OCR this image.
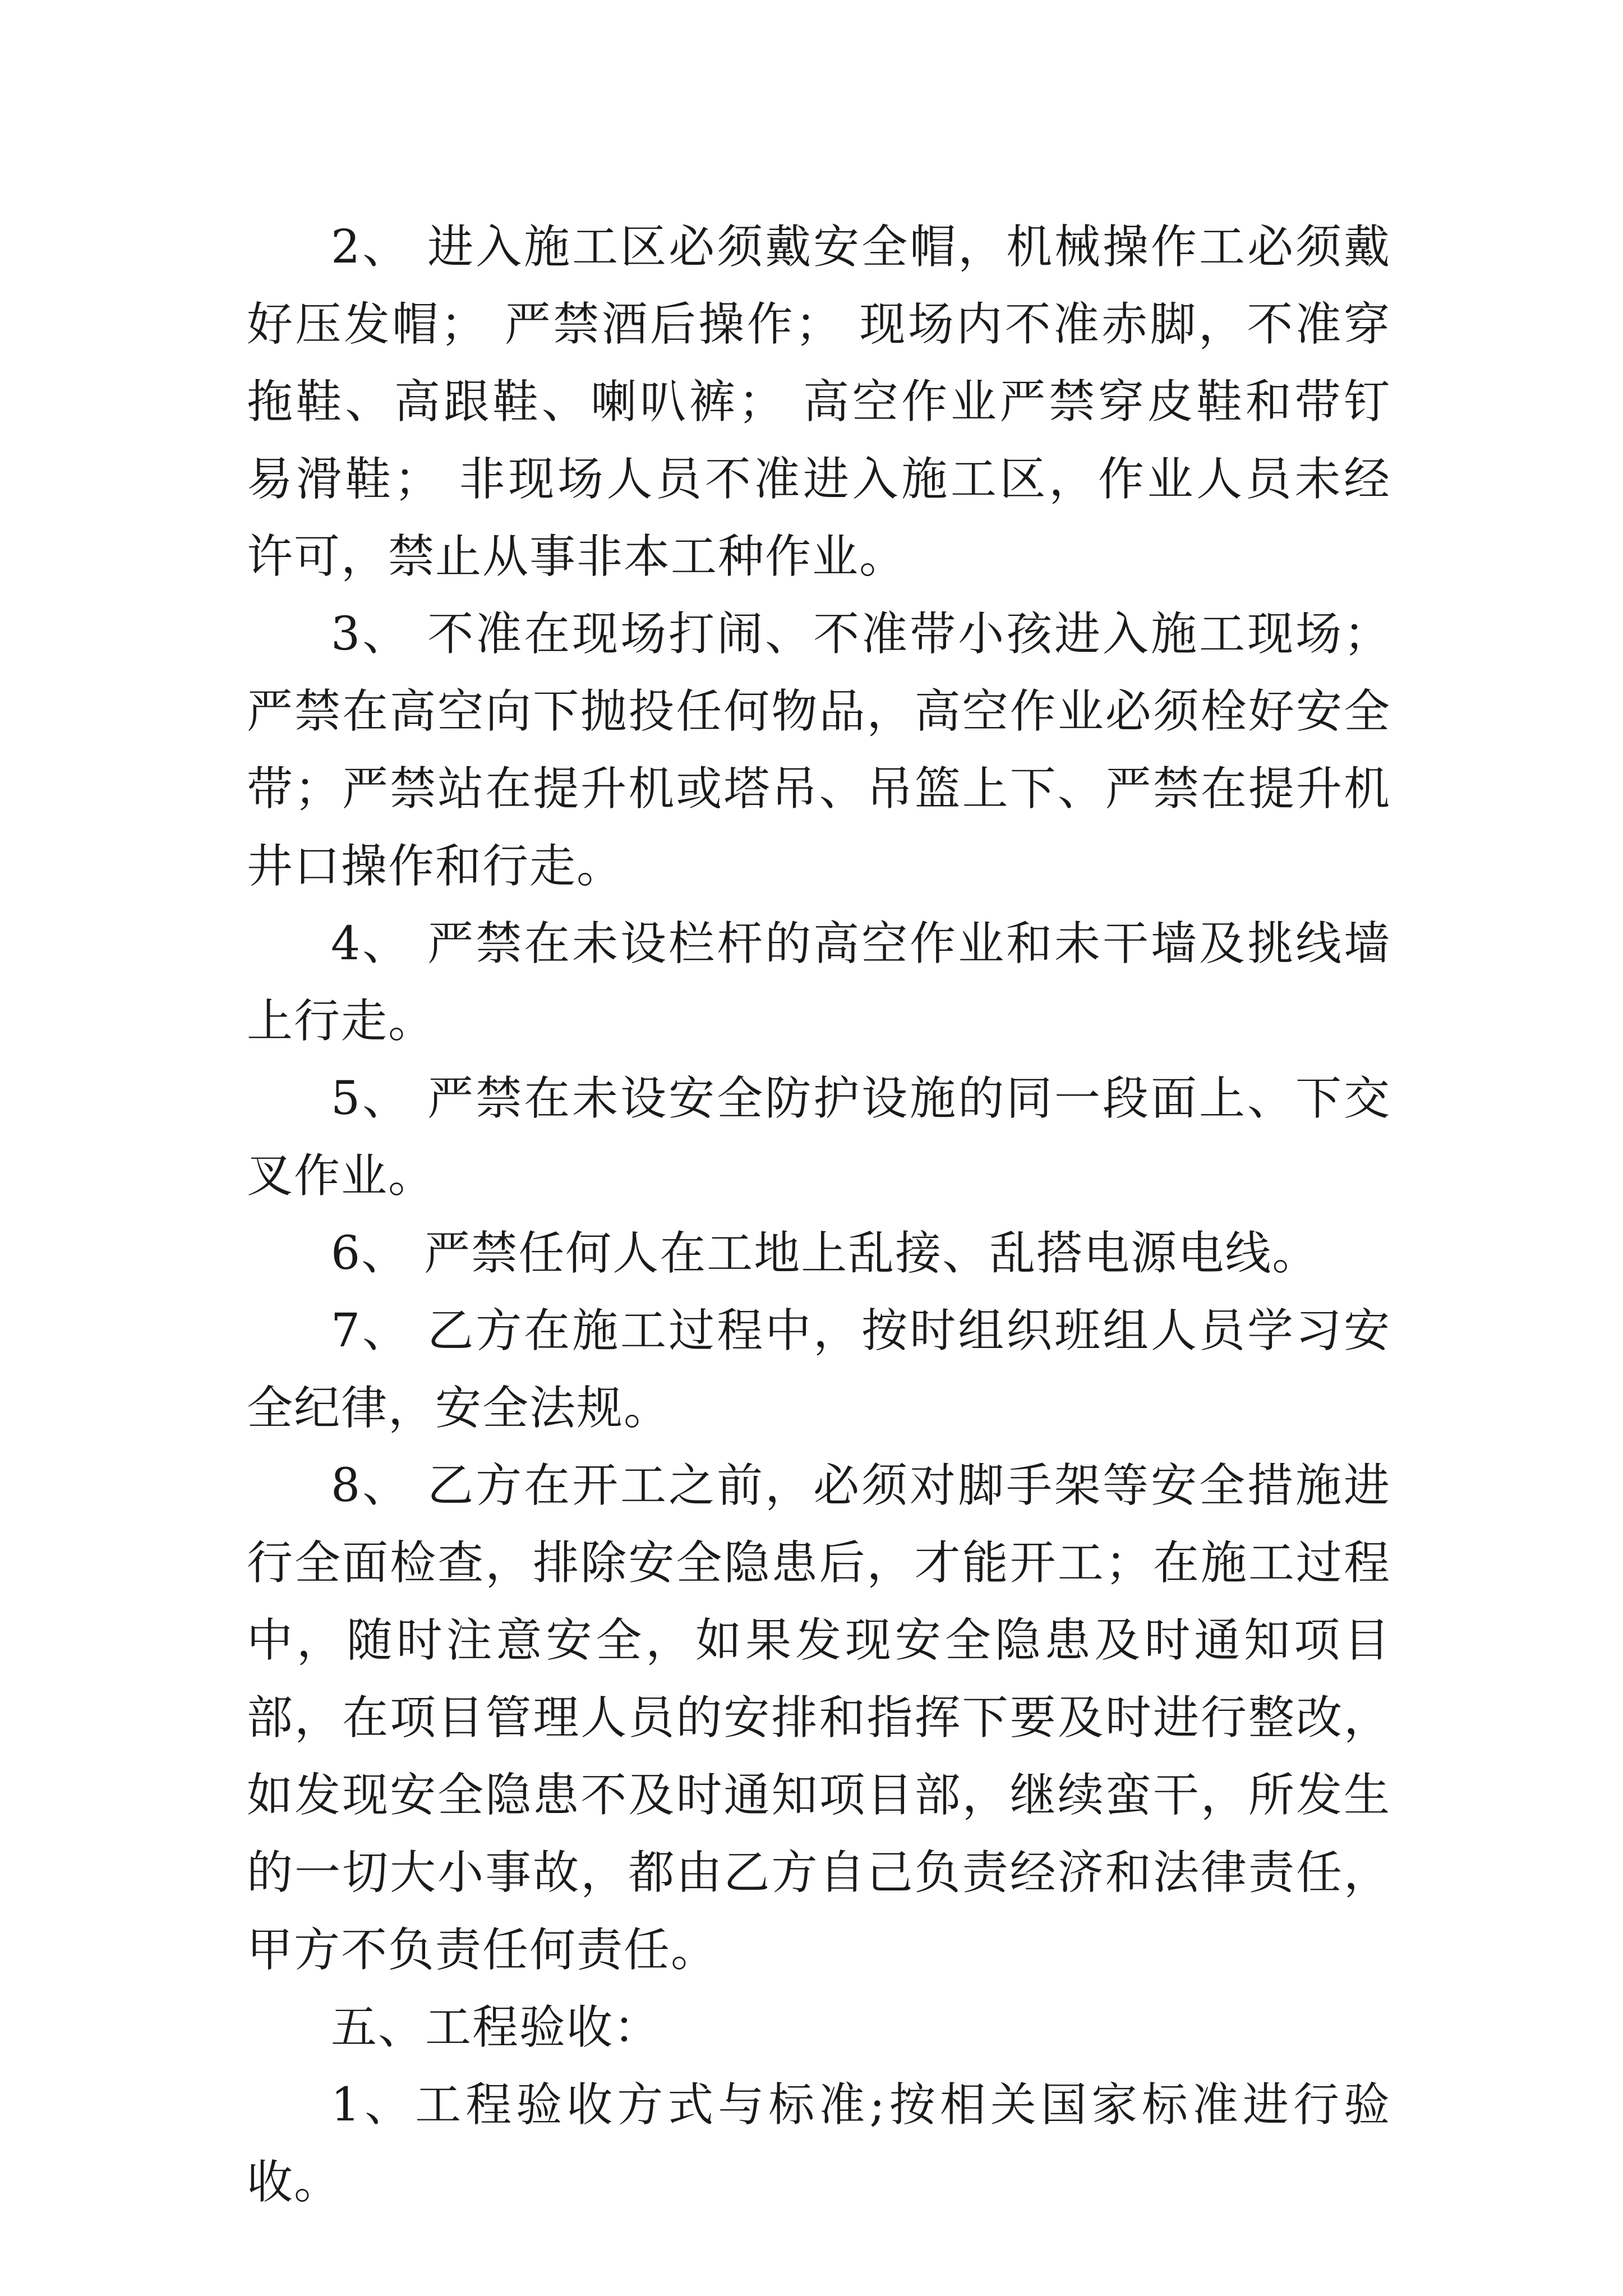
2、 进入施工区必须戴安全帽，机械操作工必须戴好压发帽； 严禁酒后操作； 现场内不准赤脚，不准穿拖鞋、高跟鞋、喇叭裤； 高空作业严禁穿皮鞋和带钉易滑鞋； 非现场人员不准进入施工区，作业人员未经许可，禁止从事非本工种作业。

3、 不准在现场打闹、不准带小孩进入施工现场； 严禁在高空向下抛投任何物品，高空作业必须栓好安全带；严禁站在提升机或塔吊、吊篮上下、严禁在提升机井口操作和行走。

4、 严禁在未设栏杆的高空作业和未干墙及挑线墙上行走。

5、 严禁在未设安全防护设施的同一段面上、下交叉作业。

6、 严禁任何人在工地上乱接、乱搭电源电线。

7、 乙方在施工过程中，按时组织班组人员学习安全纪律，安全法规。

8、 乙方在开工之前，必须对脚手架等安全措施进行全面检查，排除安全隐患后，才能开工；在施工过程中，随时注意安全，如果发现安全隐患及时通知项目部，在项目管理人员的安排和指挥下要及时进行整改，如发现安全隐患不及时通知项目部，继续蛮干，所发生的一切大小事故，都由乙方自己负责经济和法律责任，甲方不负责任何责任。

五、工程验收：

1、工程验收方式与标准;按相关国家标准进行验收。
